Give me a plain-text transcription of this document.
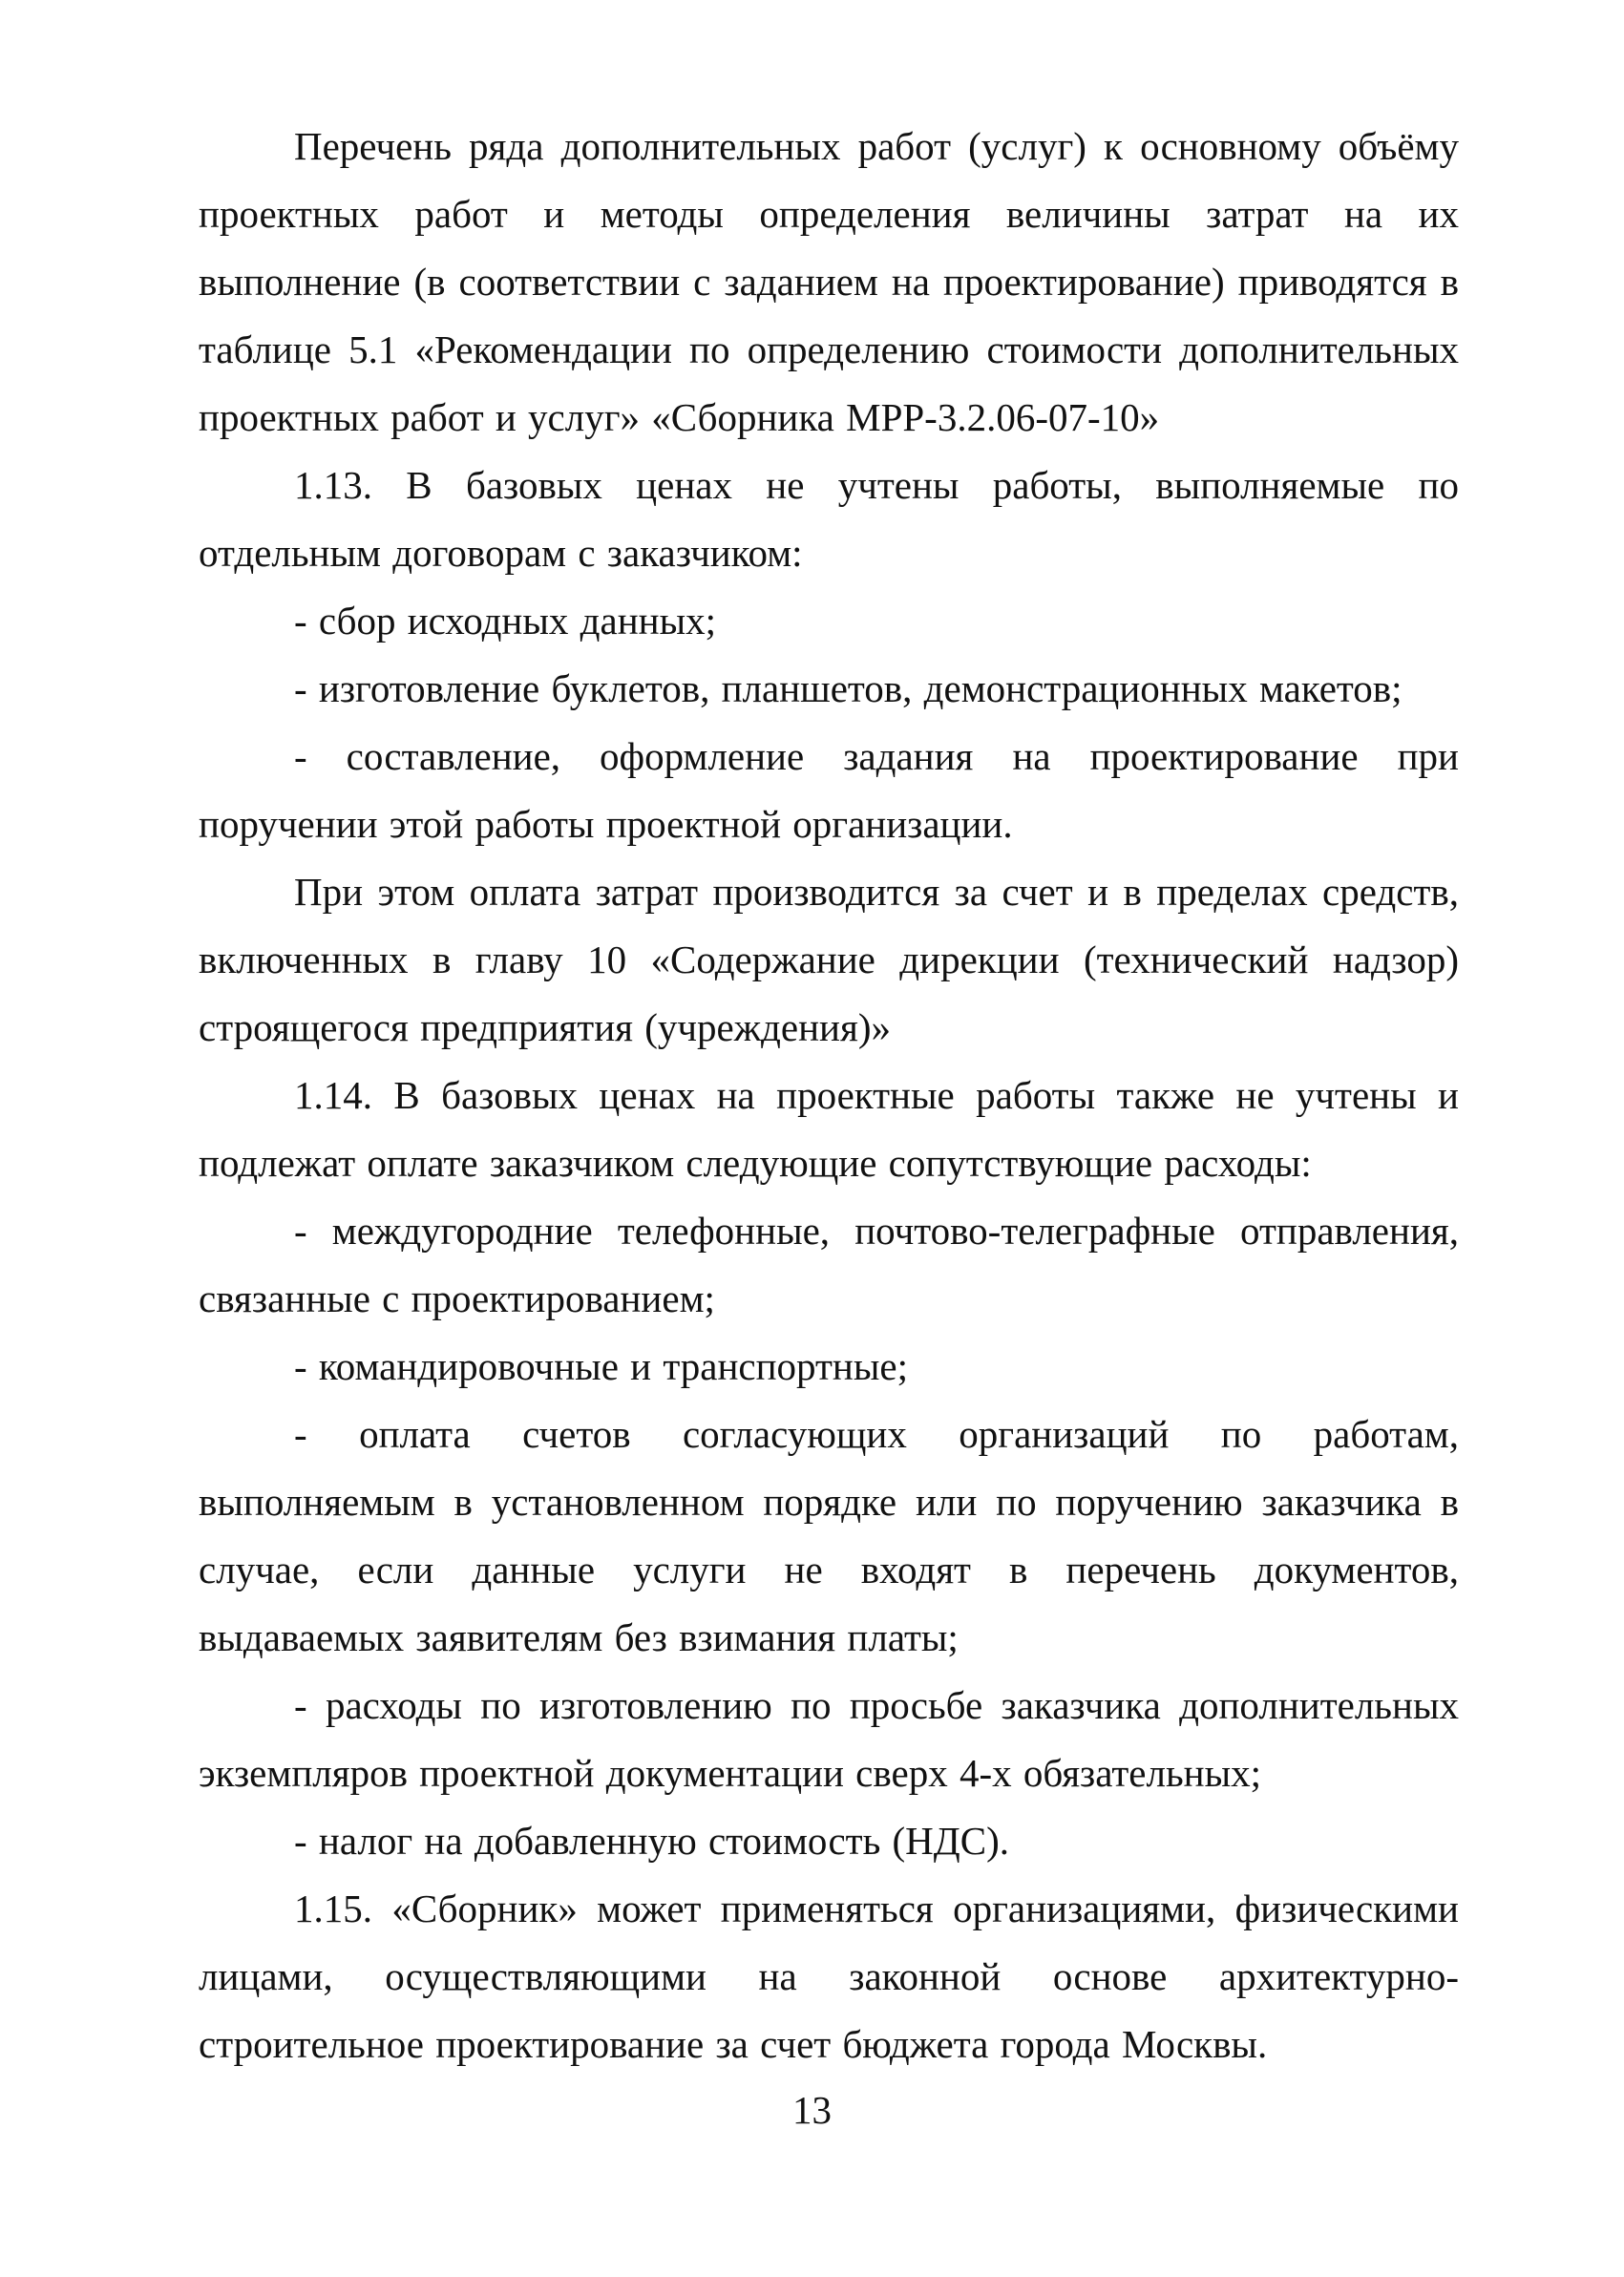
Перечень ряда дополнительных работ (услуг) к основному объёму проектных работ и методы определения величины затрат на их выполнение (в соответствии с заданием на проектирование) приводятся в таблице 5.1 «Рекомендации по определению стоимости дополнительных проектных работ и услуг» «Сборника МРР-3.2.06-07-10»

1.13. В базовых ценах не учтены работы, выполняемые по отдельным договорам с заказчиком:

- сбор исходных данных;

- изготовление буклетов, планшетов, демонстрационных макетов;

- составление, оформление задания на проектирование при поручении этой работы проектной организации.

При этом оплата затрат производится за счет и в пределах средств, включенных в главу 10 «Содержание дирекции (технический надзор) строящегося предприятия (учреждения)»

1.14. В базовых ценах на проектные работы также не учтены и подлежат оплате заказчиком следующие сопутствующие расходы:

- междугородние телефонные, почтово-телеграфные отправления, связанные с проектированием;

- командировочные и транспортные;

- оплата счетов согласующих организаций по работам, выполняемым в установленном порядке или по поручению заказчика в случае, если данные услуги не входят в перечень документов, выдаваемых заявителям без взимания платы;

- расходы по изготовлению по просьбе заказчика дополнительных экземпляров проектной документации сверх 4-х обязательных;

- налог на добавленную стоимость (НДС).

1.15. «Сборник» может применяться организациями, физическими лицами, осуществляющими на законной основе архитектурно-строительное проектирование за счет бюджета города Москвы.

13
